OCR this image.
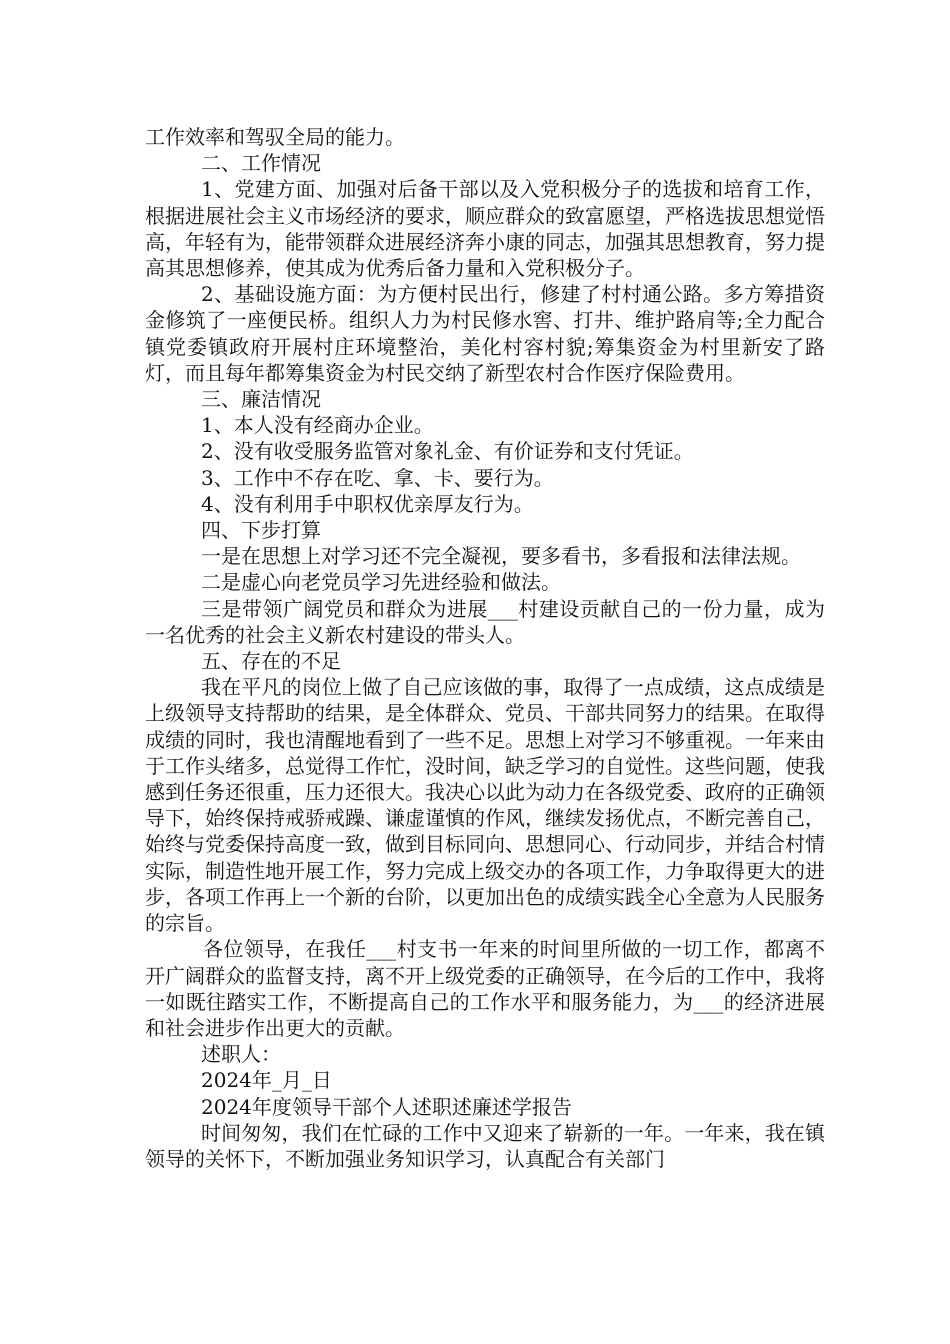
工作效率和驾驭全局的能力。

二、工作情况

1、党建方面、加强对后备干部以及入党积极分子的选拔和培育工作，根据进展社会主义市场经济的要求，顺应群众的致富愿望，严格选拔思想觉悟高，年轻有为，能带领群众进展经济奔小康的同志，加强其思想教育，努力提高其思想修养，使其成为优秀后备力量和入党积极分子。

2、基础设施方面：为方便村民出行，修建了村村通公路。多方筹措资金修筑了一座便民桥。组织人力为村民修水窖、打井、维护路肩等;全力配合镇党委镇政府开展村庄环境整治，美化村容村貌;筹集资金为村里新安了路灯，而且每年都筹集资金为村民交纳了新型农村合作医疗保险费用。

三、廉洁情况

1、本人没有经商办企业。

2、没有收受服务监管对象礼金、有价证券和支付凭证。

3、工作中不存在吃、拿、卡、要行为。

4、没有利用手中职权优亲厚友行为。

四、下步打算

一是在思想上对学习还不完全凝视，要多看书，多看报和法律法规。

二是虚心向老党员学习先进经验和做法。

三是带领广阔党员和群众为进展___村建设贡献自己的一份力量，成为一名优秀的社会主义新农村建设的带头人。

五、存在的不足

我在平凡的岗位上做了自己应该做的事，取得了一点成绩，这点成绩是上级领导支持帮助的结果，是全体群众、党员、干部共同努力的结果。在取得成绩的同时，我也清醒地看到了一些不足。思想上对学习不够重视。一年来由于工作头绪多，总觉得工作忙，没时间，缺乏学习的自觉性。这些问题，使我感到任务还很重，压力还很大。我决心以此为动力在各级党委、政府的正确领导下，始终保持戒骄戒躁、谦虚谨慎的作风，继续发扬优点，不断完善自己，始终与党委保持高度一致，做到目标同向、思想同心、行动同步，并结合村情实际，制造性地开展工作，努力完成上级交办的各项工作，力争取得更大的进步，各项工作再上一个新的台阶，以更加出色的成绩实践全心全意为人民服务的宗旨。

各位领导，在我任___村支书一年来的时间里所做的一切工作，都离不开广阔群众的监督支持，离不开上级党委的正确领导，在今后的工作中，我将一如既往踏实工作，不断提高自己的工作水平和服务能力，为___的经济进展和社会进步作出更大的贡献。

述职人：

2024年_月_日

2024年度领导干部个人述职述廉述学报告

时间匆匆，我们在忙碌的工作中又迎来了崭新的一年。一年来，我在镇领导的关怀下，不断加强业务知识学习，认真配合有关部门
